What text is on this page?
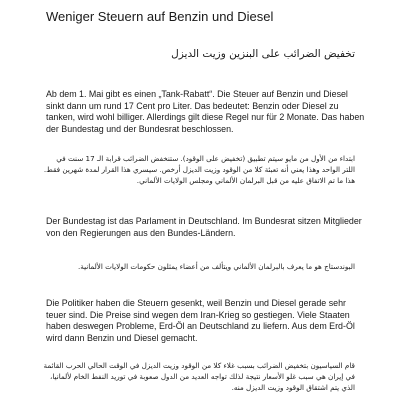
Weniger Steuern auf Benzin und Diesel
تخفيض الضرائب على البنزين وزيت الديزل

Ab dem 1. Mai gibt es einen „Tank-Rabatt“. Die Steuer auf Benzin und Diesel sinkt dann um rund 17 Cent pro Liter. Das bedeutet: Benzin oder Diesel zu tanken, wird wohl billiger. Allerdings gilt diese Regel nur für 2 Monate. Das haben der Bundestag und der Bundesrat beschlossen.

ابتداء من الأول من مايو سيتم تطبيق (تخفيض على الوقود). ستنخفض الضرائب قرابة الـ 17 سنت في اللتر الواحد وهذا يعني أنه تعبئة كلا من الوقود وزيت الديزل أرخص. سيسري هذا القرار لمدة شهرين فقط. هذا ما تم الاتفاق عليه من قبل البرلمان الألماني ومجلس الولايات الألماني.

Der Bundestag ist das Parlament in Deutschland. Im Bundesrat sitzen Mitglieder von den Regierungen aus den Bundes-Ländern.

البوندستاج هو ما يعرف بالبرلمان الألماني ويتألف من أعضاء يمثلون حكومات الولايات الألمانية.

Die Politiker haben die Steuern gesenkt, weil Benzin und Diesel gerade sehr teuer sind. Die Preise sind wegen dem Iran-Krieg so gestiegen. Viele Staaten haben deswegen Probleme, Erd-Öl an Deutschland zu liefern. Aus dem Erd-Öl wird dann Benzin und Diesel gemacht.

قام السياسيون بتخفيض الضرائب بسبب غلاء كلا من الوقود وزيت الديزل في الوقت الحالي الحرب القائمة في إيران هي سبب غلو الأسعار نتيجة لذلك تواجه العديد من الدول صعوبة في توريد النفط الخام لألمانيا، الذي يتم اشتقاق الوقود وزيت الديزل منه.
